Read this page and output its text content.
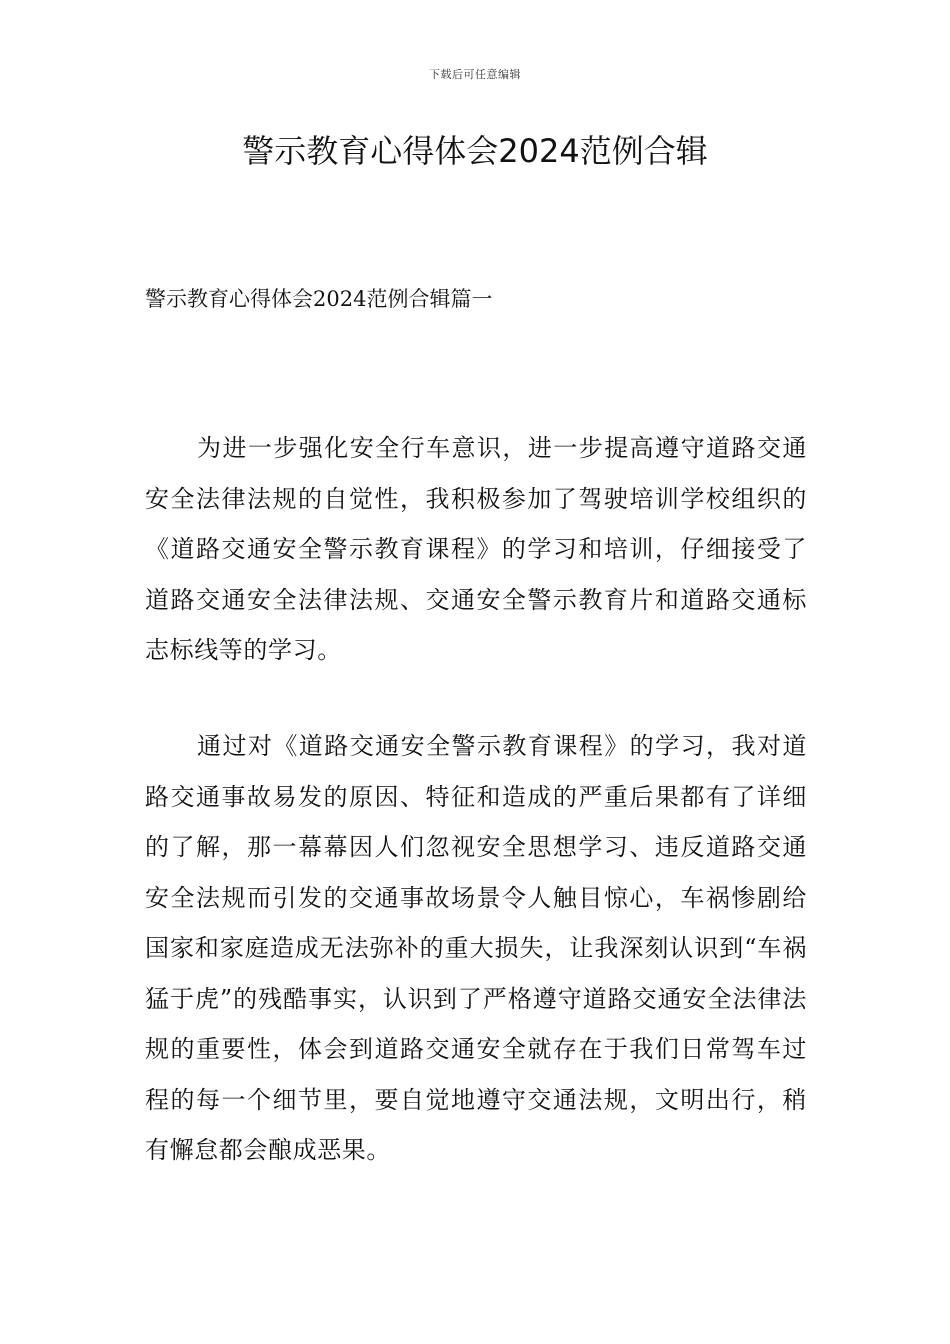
下载后可任意编辑
警示教育心得体会2024范例合辑
警示教育心得体会2024范例合辑篇一

为进一步强化安全行车意识，进一步提高遵守道路交通安全法律法规的自觉性，我积极参加了驾驶培训学校组织的《道路交通安全警示教育课程》的学习和培训，仔细接受了道路交通安全法律法规、交通安全警示教育片和道路交通标志标线等的学习。

通过对《道路交通安全警示教育课程》的学习，我对道路交通事故易发的原因、特征和造成的严重后果都有了详细的了解，那一幕幕因人们忽视安全思想学习、违反道路交通安全法规而引发的交通事故场景令人触目惊心，车祸惨剧给国家和家庭造成无法弥补的重大损失，让我深刻认识到“车祸猛于虎”的残酷事实，认识到了严格遵守道路交通安全法律法规的重要性，体会到道路交通安全就存在于我们日常驾车过程的每一个细节里，要自觉地遵守交通法规，文明出行，稍有懈怠都会酿成恶果。
